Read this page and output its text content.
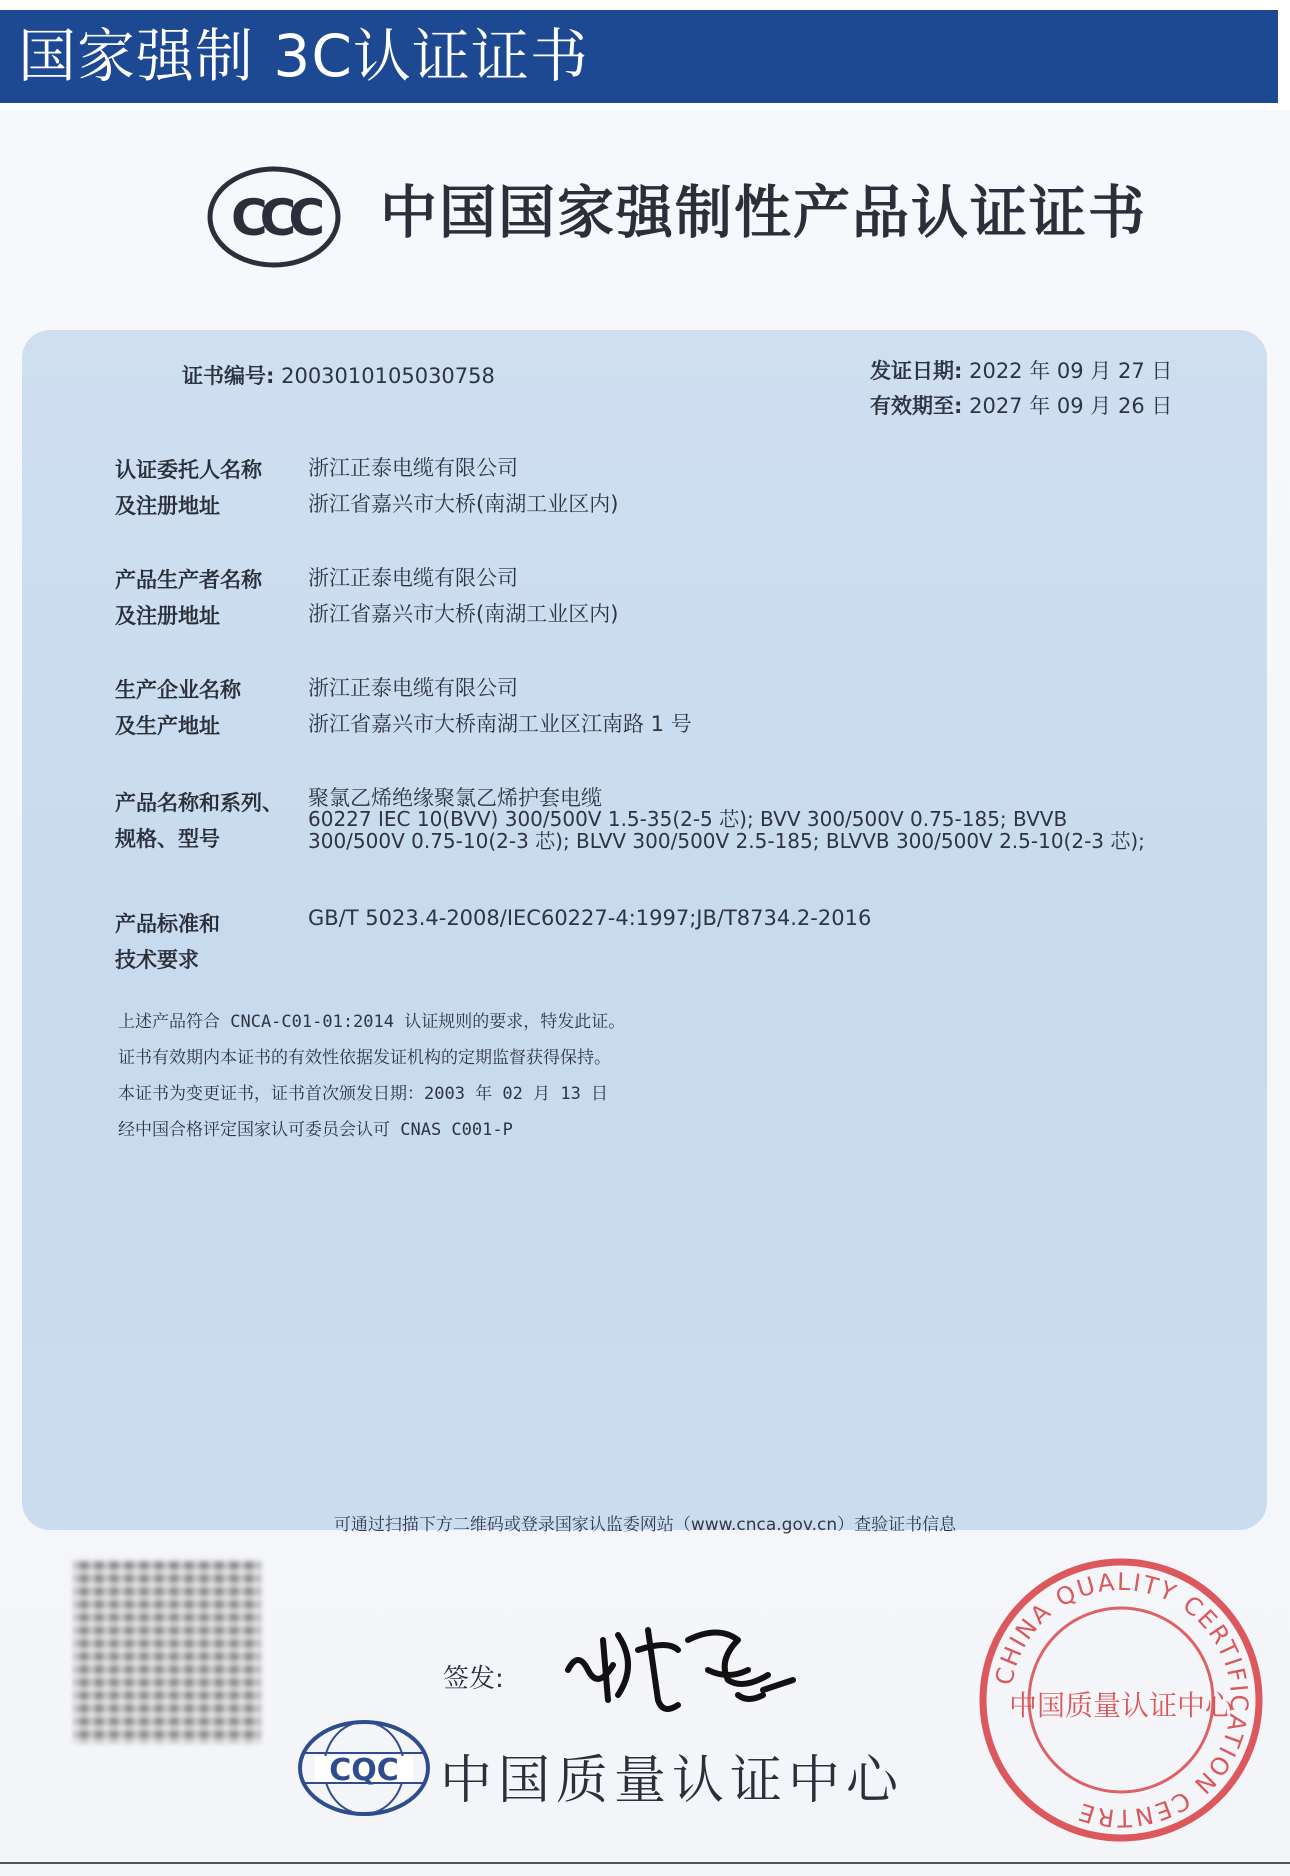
国家强制 3C认证证书
CCC 中国国家强制性产品认证证书
证书编号: 2003010105030758	发证日期: 2022 年 09 月 27 日
有效期至: 2027 年 09 月 26 日
认证委托人名称
及注册地址
浙江正泰电缆有限公司
浙江省嘉兴市大桥(南湖工业区内)
产品生产者名称
及注册地址
浙江正泰电缆有限公司
浙江省嘉兴市大桥(南湖工业区内)
生产企业名称
及生产地址
浙江正泰电缆有限公司
浙江省嘉兴市大桥南湖工业区江南路 1 号
产品名称和系列、
规格、型号
聚氯乙烯绝缘聚氯乙烯护套电缆
60227 IEC 10(BVV) 300/500V 1.5-35(2-5 芯); BVV 300/500V 0.75-185; BVVB 300/500V 0.75-10(2-3 芯); BLVV 300/500V 2.5-185; BLVVB 300/500V 2.5-10(2-3 芯);
产品标准和
技术要求
GB/T 5023.4-2008/IEC60227-4:1997;JB/T8734.2-2016
上述产品符合 CNCA-C01-01:2014 认证规则的要求，特发此证。
证书有效期内本证书的有效性依据发证机构的定期监督获得保持。
本证书为变更证书，证书首次颁发日期：2003 年 02 月 13 日
经中国合格评定国家认可委员会认可 CNAS C001-P
可通过扫描下方二维码或登录国家认监委网站（www.cnca.gov.cn）查验证书信息
签发:
CQC 中国质量认证中心
CHINA QUALITY CERTIFICATION CENTRE
中国质量认证中心
